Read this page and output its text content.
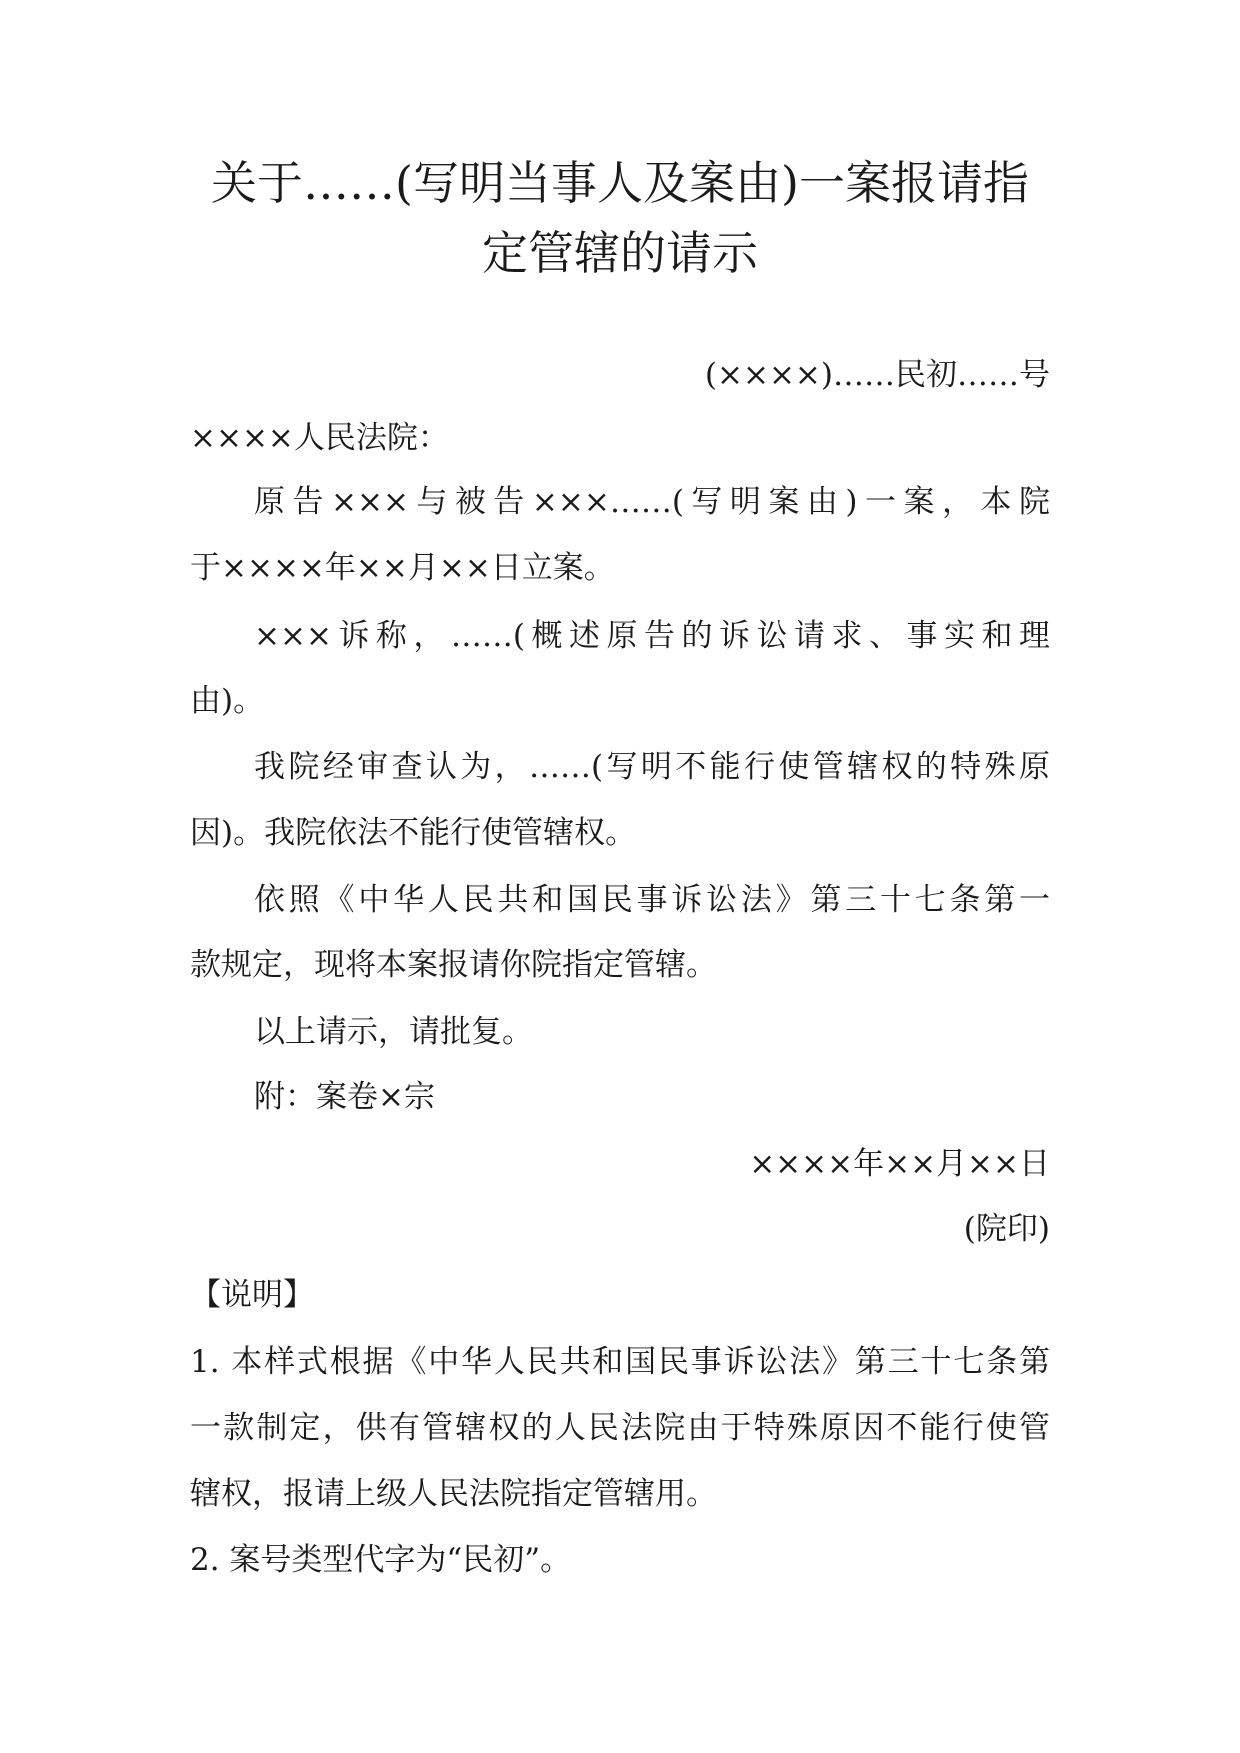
关于……(写明当事人及案由)一案报请指
定管辖的请示

(××××)……民初……号

××××人民法院：

原告×××与被告×××……(写明案由)一案，本院

于××××年××月××日立案。

×××诉称，……(概述原告的诉讼请求、事实和理

由)。

我院经审查认为，……(写明不能行使管辖权的特殊原

因)。我院依法不能行使管辖权。

依照《中华人民共和国民事诉讼法》第三十七条第一

款规定，现将本案报请你院指定管辖。

以上请示，请批复。

附：案卷×宗

××××年××月××日

(院印)

【说明】

1. 本样式根据《中华人民共和国民事诉讼法》第三十七条第

一款制定，供有管辖权的人民法院由于特殊原因不能行使管

辖权，报请上级人民法院指定管辖用。

2. 案号类型代字为“民初”。
